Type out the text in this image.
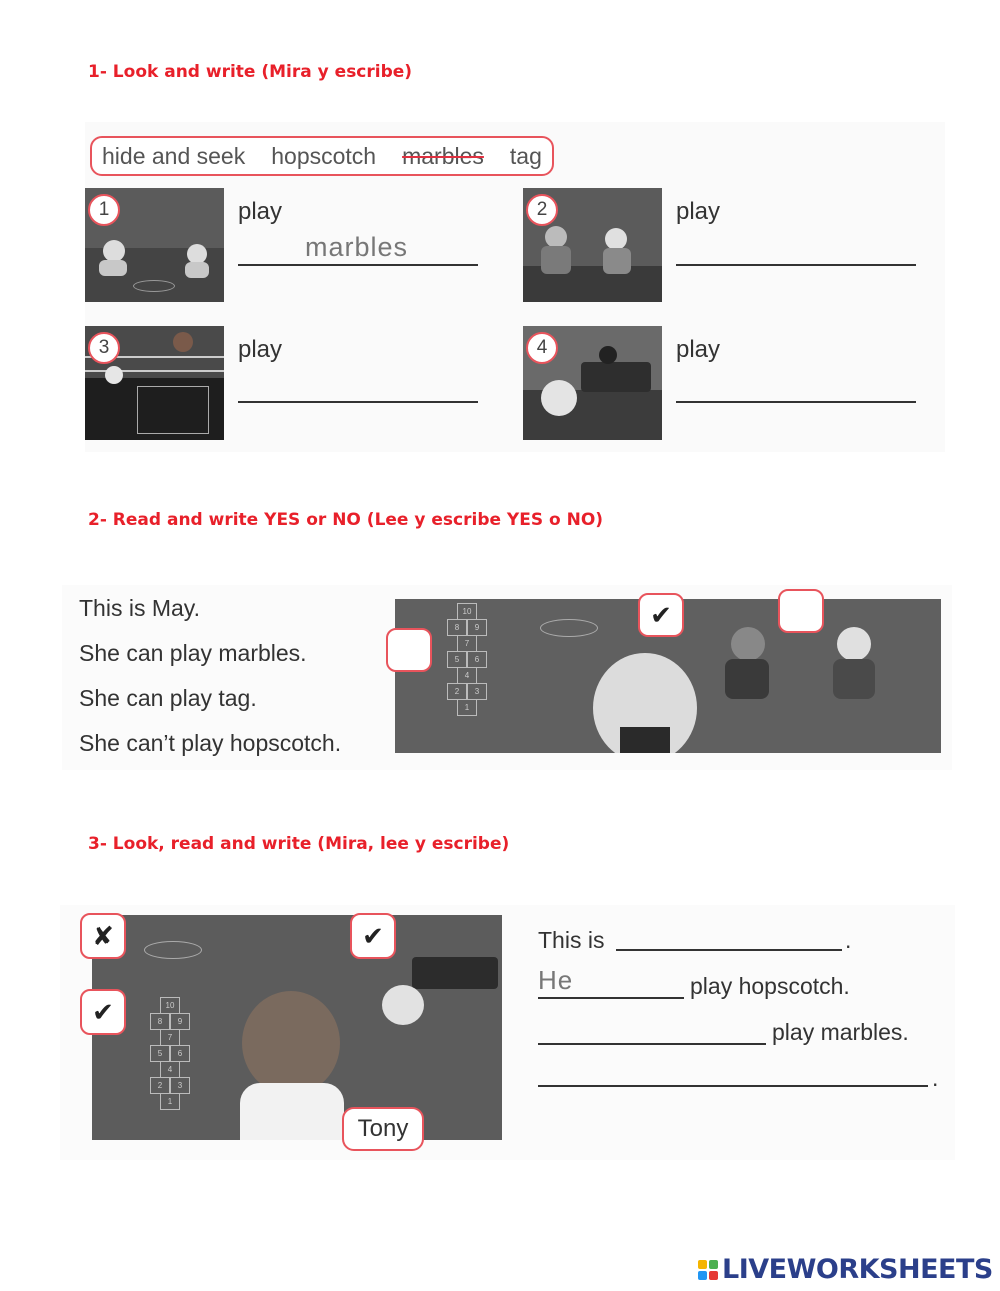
1- Look and write (Mira y escribe)
hide and seek hopscotch marbles tag
1	play
marbles
2	play
3	play	4	play
2- Read and write YES or NO (Lee y escribe YES o NO)
This is May.
She can play marbles.
She can play tag.
She can’t play hopscotch.
10
8	9
7
5	6
4
2	3
1
✔
3- Look, read and write (Mira, lee y escribe)
10
8	9
7
5	6
4
2	3
1
✘	✔
✔
Tony
This is	.
He	play hopscotch.
play marbles.
.
LIVEWORKSHEETS
